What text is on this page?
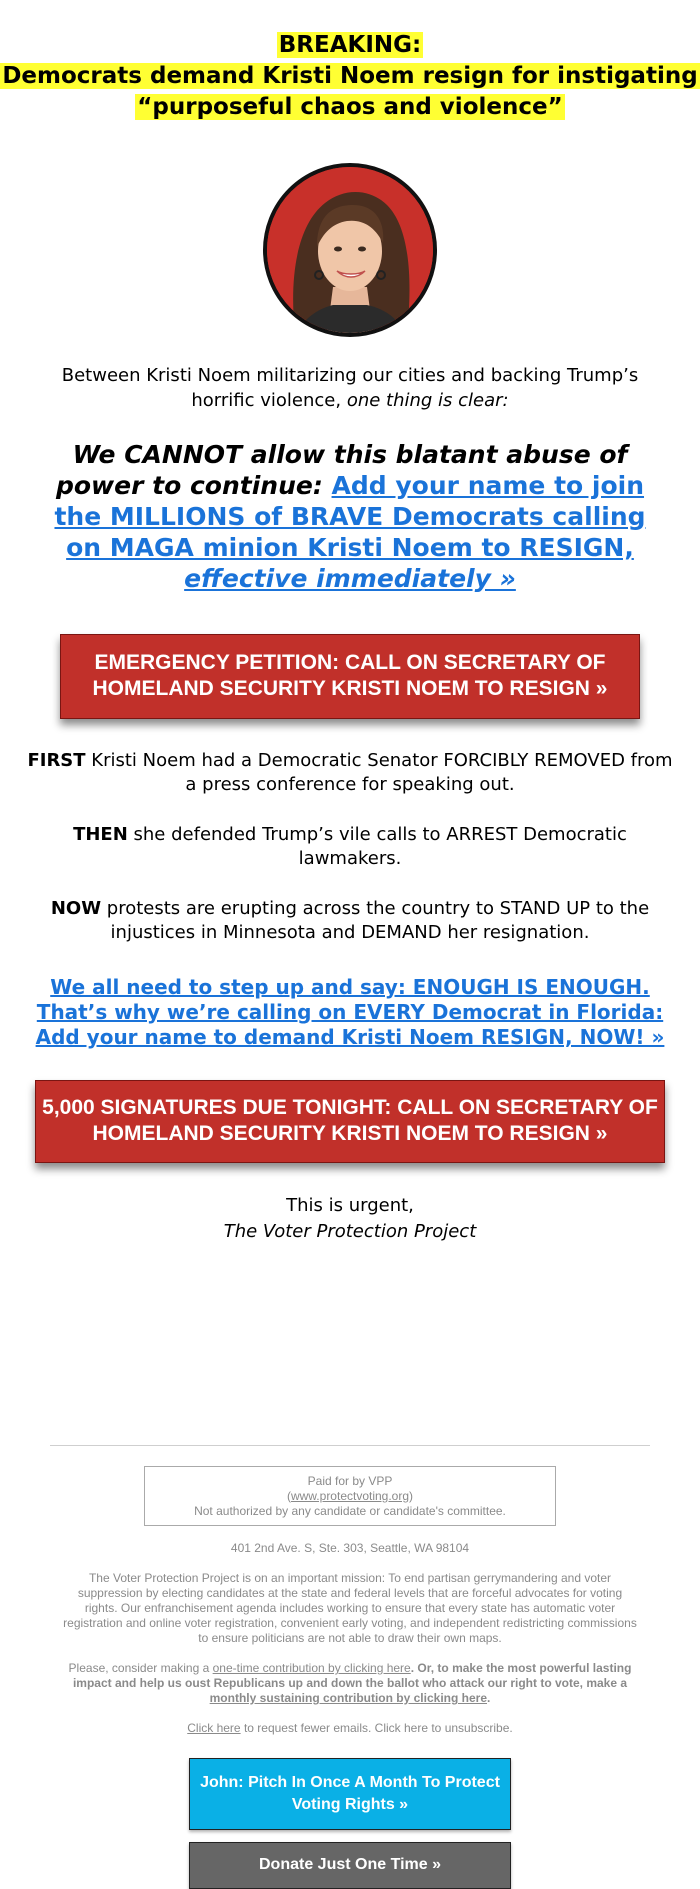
BREAKING:
Democrats demand Kristi Noem resign for instigating
“purposeful chaos and violence”
Between Kristi Noem militarizing our cities and backing Trump’s horrific violence, one thing is clear:
We CANNOT allow this blatant abuse of power to continue: Add your name to join the MILLIONS of BRAVE Democrats calling on MAGA minion Kristi Noem to RESIGN, effective immediately »
EMERGENCY PETITION: CALL ON SECRETARY OF HOMELAND SECURITY KRISTI NOEM TO RESIGN »
FIRST Kristi Noem had a Democratic Senator FORCIBLY REMOVED from a press conference for speaking out.
THEN she defended Trump’s vile calls to ARREST Democratic lawmakers.
NOW protests are erupting across the country to STAND UP to the injustices in Minnesota and DEMAND her resignation.
We all need to step up and say: ENOUGH IS ENOUGH. That’s why we’re calling on EVERY Democrat in Florida: Add your name to demand Kristi Noem RESIGN, NOW! »
5,000 SIGNATURES DUE TONIGHT: CALL ON SECRETARY OF HOMELAND SECURITY KRISTI NOEM TO RESIGN »
This is urgent,
The Voter Protection Project
Paid for by VPP
(www.protectvoting.org)
Not authorized by any candidate or candidate's committee.
401 2nd Ave. S, Ste. 303, Seattle, WA 98104
The Voter Protection Project is on an important mission: To end partisan gerrymandering and voter suppression by electing candidates at the state and federal levels that are forceful advocates for voting rights. Our enfranchisement agenda includes working to ensure that every state has automatic voter registration and online voter registration, convenient early voting, and independent redistricting commissions to ensure politicians are not able to draw their own maps.
Please, consider making a one-time contribution by clicking here. Or, to make the most powerful lasting impact and help us oust Republicans up and down the ballot who attack our right to vote, make a monthly sustaining contribution by clicking here.
Click here to request fewer emails. Click here to unsubscribe.
John: Pitch In Once A Month To Protect Voting Rights »
Donate Just One Time »
